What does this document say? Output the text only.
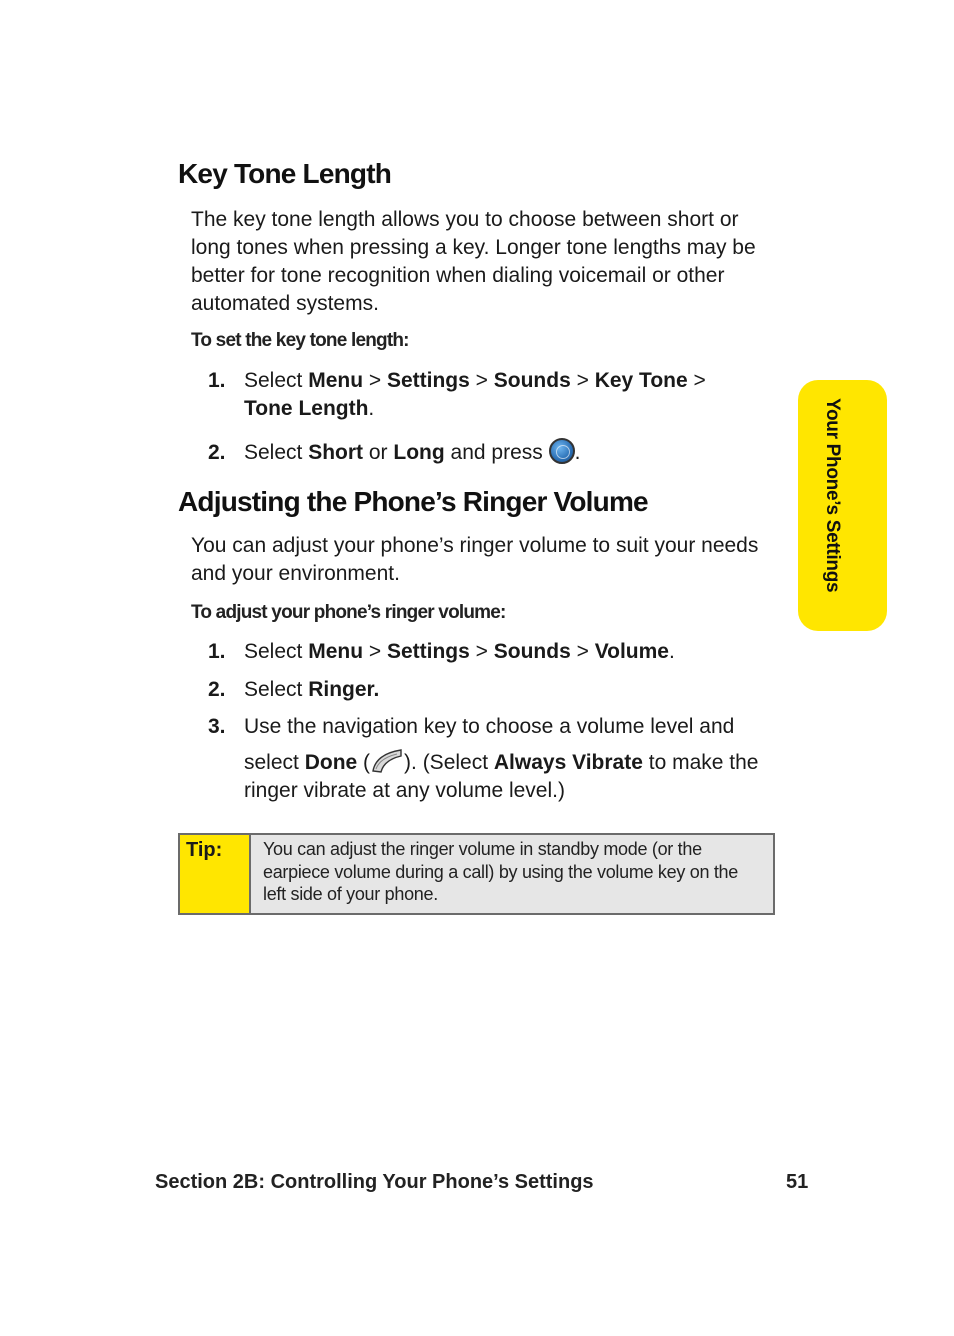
Key Tone Length
The key tone length allows you to choose between short or
long tones when pressing a key. Longer tone lengths may be
better for tone recognition when dialing voicemail or other
automated systems.
To set the key tone length:
1. Select Menu > Settings > Sounds > Key Tone >
Tone Length.
2. Select Short or Long and press .
Adjusting the Phone’s Ringer Volume
You can adjust your phone’s ringer volume to suit your needs
and your environment.
To adjust your phone’s ringer volume:
1. Select Menu > Settings > Sounds > Volume.
2. Select Ringer.
3. Use the navigation key to choose a volume level and
select Done ( ). (Select Always Vibrate to make the
ringer vibrate at any volume level.)
Tip: You can adjust the ringer volume in standby mode (or the
earpiece volume during a call) by using the volume key on the
left side of your phone.
Your Phone’s Settings
Section 2B: Controlling Your Phone’s Settings	51
